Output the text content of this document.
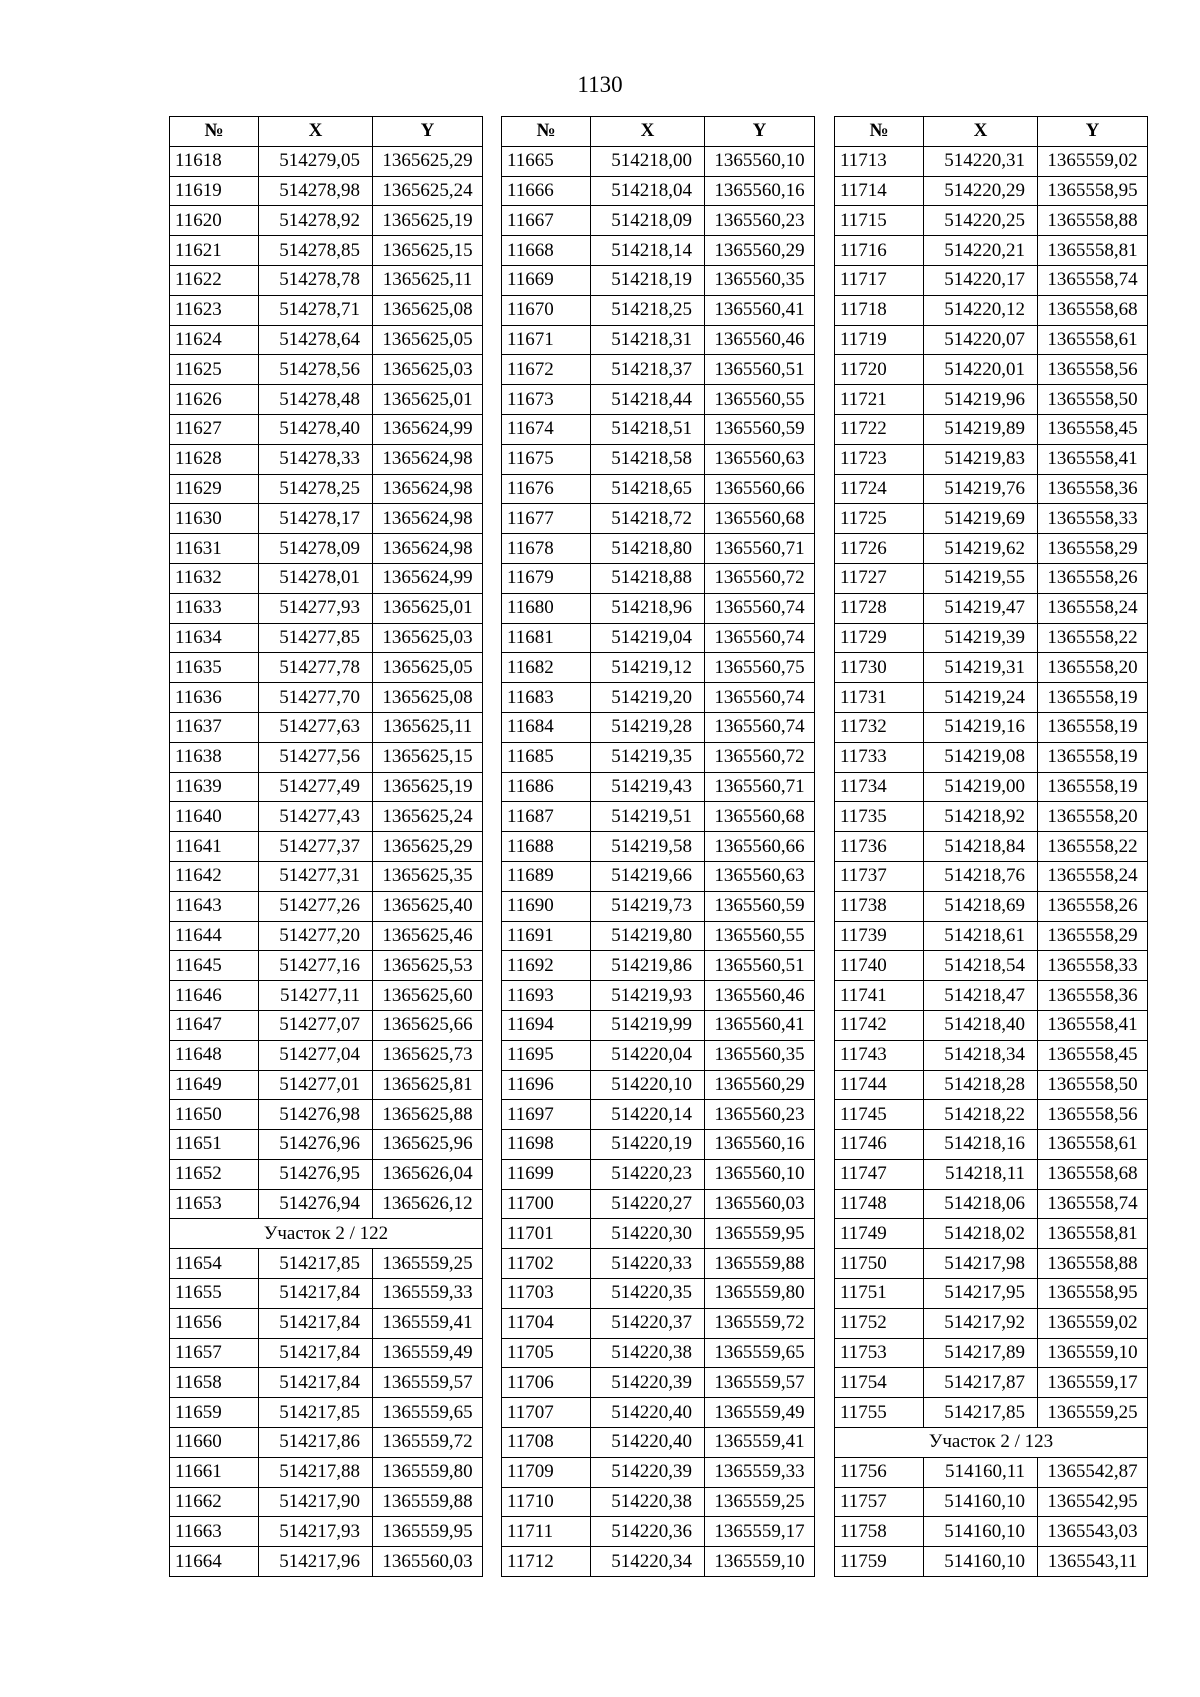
1130
№	X	Y
11618	514279,05	1365625,29
11619	514278,98	1365625,24
11620	514278,92	1365625,19
11621	514278,85	1365625,15
11622	514278,78	1365625,11
11623	514278,71	1365625,08
11624	514278,64	1365625,05
11625	514278,56	1365625,03
11626	514278,48	1365625,01
11627	514278,40	1365624,99
11628	514278,33	1365624,98
11629	514278,25	1365624,98
11630	514278,17	1365624,98
11631	514278,09	1365624,98
11632	514278,01	1365624,99
11633	514277,93	1365625,01
11634	514277,85	1365625,03
11635	514277,78	1365625,05
11636	514277,70	1365625,08
11637	514277,63	1365625,11
11638	514277,56	1365625,15
11639	514277,49	1365625,19
11640	514277,43	1365625,24
11641	514277,37	1365625,29
11642	514277,31	1365625,35
11643	514277,26	1365625,40
11644	514277,20	1365625,46
11645	514277,16	1365625,53
11646	514277,11	1365625,60
11647	514277,07	1365625,66
11648	514277,04	1365625,73
11649	514277,01	1365625,81
11650	514276,98	1365625,88
11651	514276,96	1365625,96
11652	514276,95	1365626,04
11653	514276,94	1365626,12
Участок 2 / 122		
11654	514217,85	1365559,25
11655	514217,84	1365559,33
11656	514217,84	1365559,41
11657	514217,84	1365559,49
11658	514217,84	1365559,57
11659	514217,85	1365559,65
11660	514217,86	1365559,72
11661	514217,88	1365559,80
11662	514217,90	1365559,88
11663	514217,93	1365559,95
11664	514217,96	1365560,03
№	X	Y
11665	514218,00	1365560,10
11666	514218,04	1365560,16
11667	514218,09	1365560,23
11668	514218,14	1365560,29
11669	514218,19	1365560,35
11670	514218,25	1365560,41
11671	514218,31	1365560,46
11672	514218,37	1365560,51
11673	514218,44	1365560,55
11674	514218,51	1365560,59
11675	514218,58	1365560,63
11676	514218,65	1365560,66
11677	514218,72	1365560,68
11678	514218,80	1365560,71
11679	514218,88	1365560,72
11680	514218,96	1365560,74
11681	514219,04	1365560,74
11682	514219,12	1365560,75
11683	514219,20	1365560,74
11684	514219,28	1365560,74
11685	514219,35	1365560,72
11686	514219,43	1365560,71
11687	514219,51	1365560,68
11688	514219,58	1365560,66
11689	514219,66	1365560,63
11690	514219,73	1365560,59
11691	514219,80	1365560,55
11692	514219,86	1365560,51
11693	514219,93	1365560,46
11694	514219,99	1365560,41
11695	514220,04	1365560,35
11696	514220,10	1365560,29
11697	514220,14	1365560,23
11698	514220,19	1365560,16
11699	514220,23	1365560,10
11700	514220,27	1365560,03
11701	514220,30	1365559,95
11702	514220,33	1365559,88
11703	514220,35	1365559,80
11704	514220,37	1365559,72
11705	514220,38	1365559,65
11706	514220,39	1365559,57
11707	514220,40	1365559,49
11708	514220,40	1365559,41
11709	514220,39	1365559,33
11710	514220,38	1365559,25
11711	514220,36	1365559,17
11712	514220,34	1365559,10
№	X	Y
11713	514220,31	1365559,02
11714	514220,29	1365558,95
11715	514220,25	1365558,88
11716	514220,21	1365558,81
11717	514220,17	1365558,74
11718	514220,12	1365558,68
11719	514220,07	1365558,61
11720	514220,01	1365558,56
11721	514219,96	1365558,50
11722	514219,89	1365558,45
11723	514219,83	1365558,41
11724	514219,76	1365558,36
11725	514219,69	1365558,33
11726	514219,62	1365558,29
11727	514219,55	1365558,26
11728	514219,47	1365558,24
11729	514219,39	1365558,22
11730	514219,31	1365558,20
11731	514219,24	1365558,19
11732	514219,16	1365558,19
11733	514219,08	1365558,19
11734	514219,00	1365558,19
11735	514218,92	1365558,20
11736	514218,84	1365558,22
11737	514218,76	1365558,24
11738	514218,69	1365558,26
11739	514218,61	1365558,29
11740	514218,54	1365558,33
11741	514218,47	1365558,36
11742	514218,40	1365558,41
11743	514218,34	1365558,45
11744	514218,28	1365558,50
11745	514218,22	1365558,56
11746	514218,16	1365558,61
11747	514218,11	1365558,68
11748	514218,06	1365558,74
11749	514218,02	1365558,81
11750	514217,98	1365558,88
11751	514217,95	1365558,95
11752	514217,92	1365559,02
11753	514217,89	1365559,10
11754	514217,87	1365559,17
11755	514217,85	1365559,25
Участок 2 / 123		
11756	514160,11	1365542,87
11757	514160,10	1365542,95
11758	514160,10	1365543,03
11759	514160,10	1365543,11
